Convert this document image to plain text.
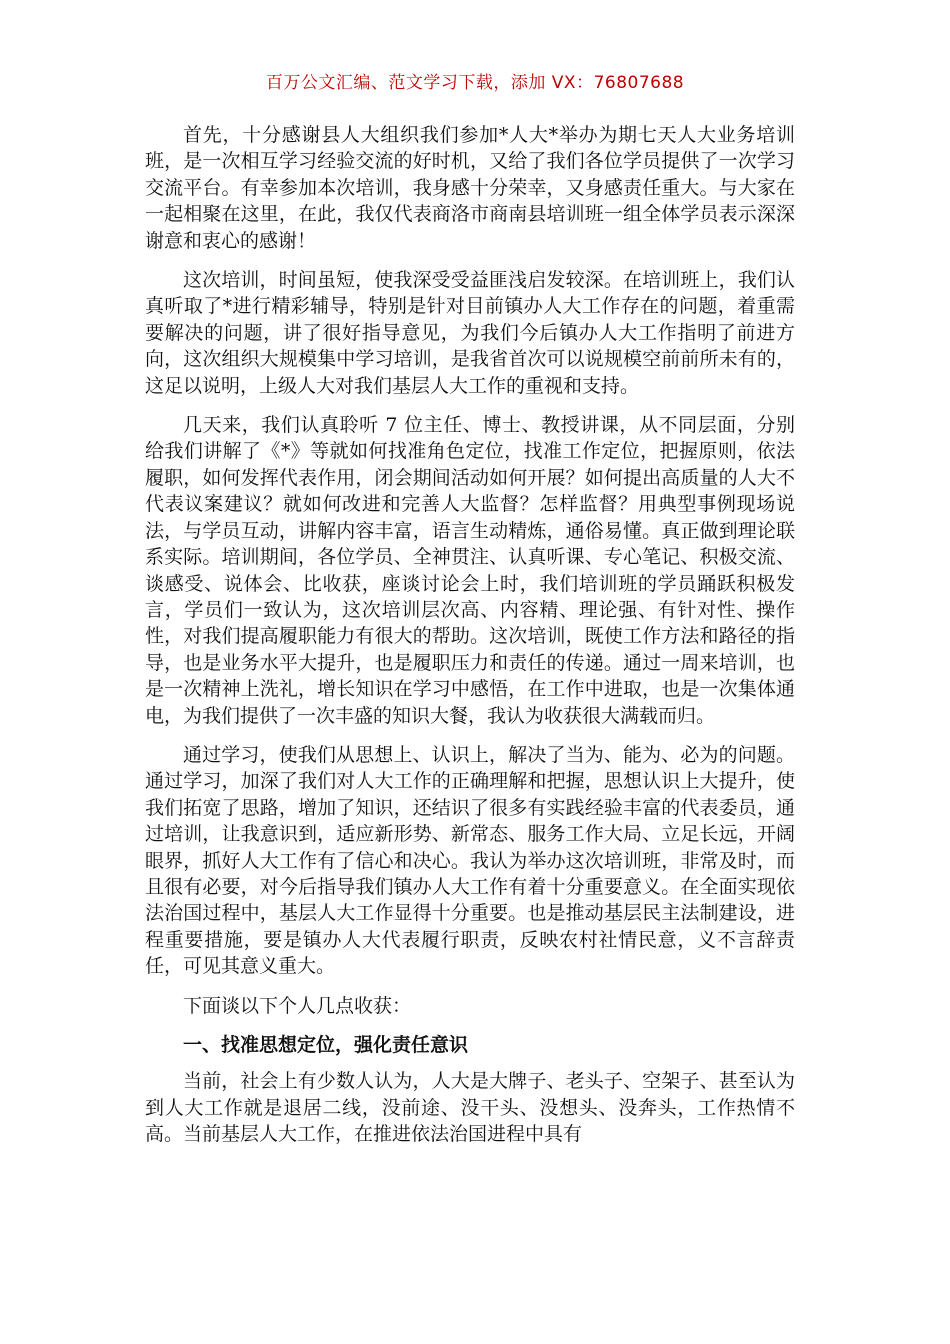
百万公文汇编、范文学习下载，添加 VX：76807688

首先，十分感谢县人大组织我们参加*人大*举办为期七天人大业务培训班，是一次相互学习经验交流的好时机，又给了我们各位学员提供了一次学习交流平台。有幸参加本次培训，我身感十分荣幸，又身感责任重大。与大家在一起相聚在这里，在此，我仅代表商洛市商南县培训班一组全体学员表示深深谢意和衷心的感谢！

这次培训，时间虽短，使我深受受益匪浅启发较深。在培训班上，我们认真听取了*进行精彩辅导，特别是针对目前镇办人大工作存在的问题，着重需要解决的问题，讲了很好指导意见，为我们今后镇办人大工作指明了前进方向，这次组织大规模集中学习培训，是我省首次可以说规模空前前所未有的，这足以说明，上级人大对我们基层人大工作的重视和支持。

几天来，我们认真聆听 7 位主任、博士、教授讲课，从不同层面，分别给我们讲解了《*》等就如何找准角色定位，找准工作定位，把握原则，依法履职，如何发挥代表作用，闭会期间活动如何开展？如何提出高质量的人大不代表议案建议？就如何改进和完善人大监督？怎样监督？用典型事例现场说法，与学员互动，讲解内容丰富，语言生动精炼，通俗易懂。真正做到理论联系实际。培训期间，各位学员、全神贯注、认真听课、专心笔记、积极交流、谈感受、说体会、比收获，座谈讨论会上时，我们培训班的学员踊跃积极发言，学员们一致认为，这次培训层次高、内容精、理论强、有针对性、操作性，对我们提高履职能力有很大的帮助。这次培训，既使工作方法和路径的指导，也是业务水平大提升，也是履职压力和责任的传递。通过一周来培训，也是一次精神上洗礼，增长知识在学习中感悟，在工作中进取，也是一次集体通电，为我们提供了一次丰盛的知识大餐，我认为收获很大满载而归。

通过学习，使我们从思想上、认识上，解决了当为、能为、必为的问题。通过学习，加深了我们对人大工作的正确理解和把握，思想认识上大提升，使我们拓宽了思路，增加了知识，还结识了很多有实践经验丰富的代表委员，通过培训，让我意识到，适应新形势、新常态、服务工作大局、立足长远，开阔眼界，抓好人大工作有了信心和决心。我认为举办这次培训班，非常及时，而且很有必要，对今后指导我们镇办人大工作有着十分重要意义。在全面实现依法治国过程中，基层人大工作显得十分重要。也是推动基层民主法制建设，进程重要措施，要是镇办人大代表履行职责，反映农村社情民意，义不言辞责任，可见其意义重大。

下面谈以下个人几点收获：

一、找准思想定位，强化责任意识

当前，社会上有少数人认为，人大是大牌子、老头子、空架子、甚至认为到人大工作就是退居二线，没前途、没干头、没想头、没奔头，工作热情不高。当前基层人大工作，在推进依法治国进程中具有
